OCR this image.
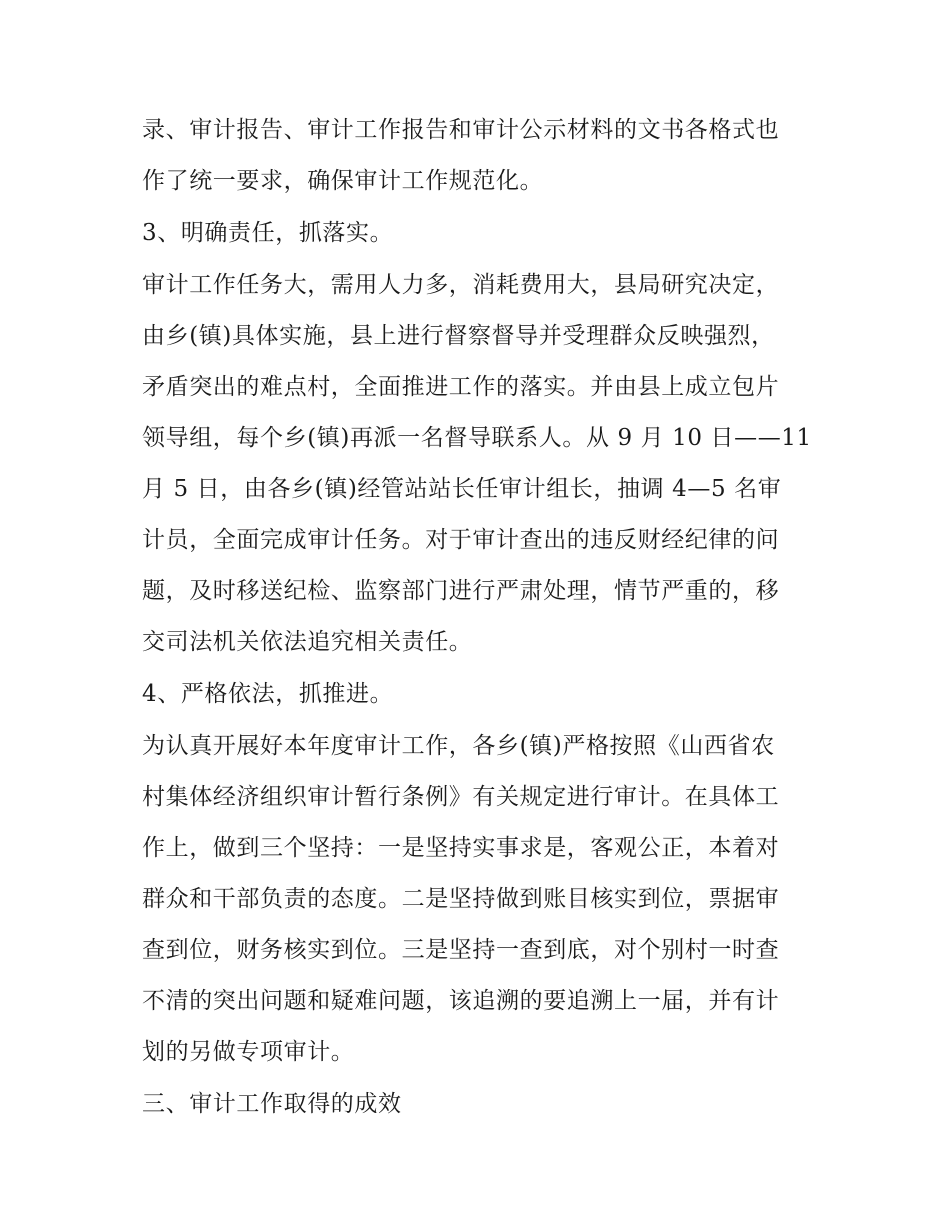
录、审计报告、审计工作报告和审计公示材料的文书各格式也
作了统一要求，确保审计工作规范化。
3、明确责任，抓落实。
审计工作任务大，需用人力多，消耗费用大，县局研究决定，
由乡(镇)具体实施，县上进行督察督导并受理群众反映强烈，
矛盾突出的难点村，全面推进工作的落实。并由县上成立包片
领导组，每个乡(镇)再派一名督导联系人。从 9 月 10 日——11
月 5 日，由各乡(镇)经管站站长任审计组长，抽调 4—5 名审
计员，全面完成审计任务。对于审计查出的违反财经纪律的问
题，及时移送纪检、监察部门进行严肃处理，情节严重的，移
交司法机关依法追究相关责任。
4、严格依法，抓推进。
为认真开展好本年度审计工作，各乡(镇)严格按照《山西省农
村集体经济组织审计暂行条例》有关规定进行审计。在具体工
作上，做到三个坚持：一是坚持实事求是，客观公正，本着对
群众和干部负责的态度。二是坚持做到账目核实到位，票据审
查到位，财务核实到位。三是坚持一查到底，对个别村一时查
不清的突出问题和疑难问题，该追溯的要追溯上一届，并有计
划的另做专项审计。
三、审计工作取得的成效
